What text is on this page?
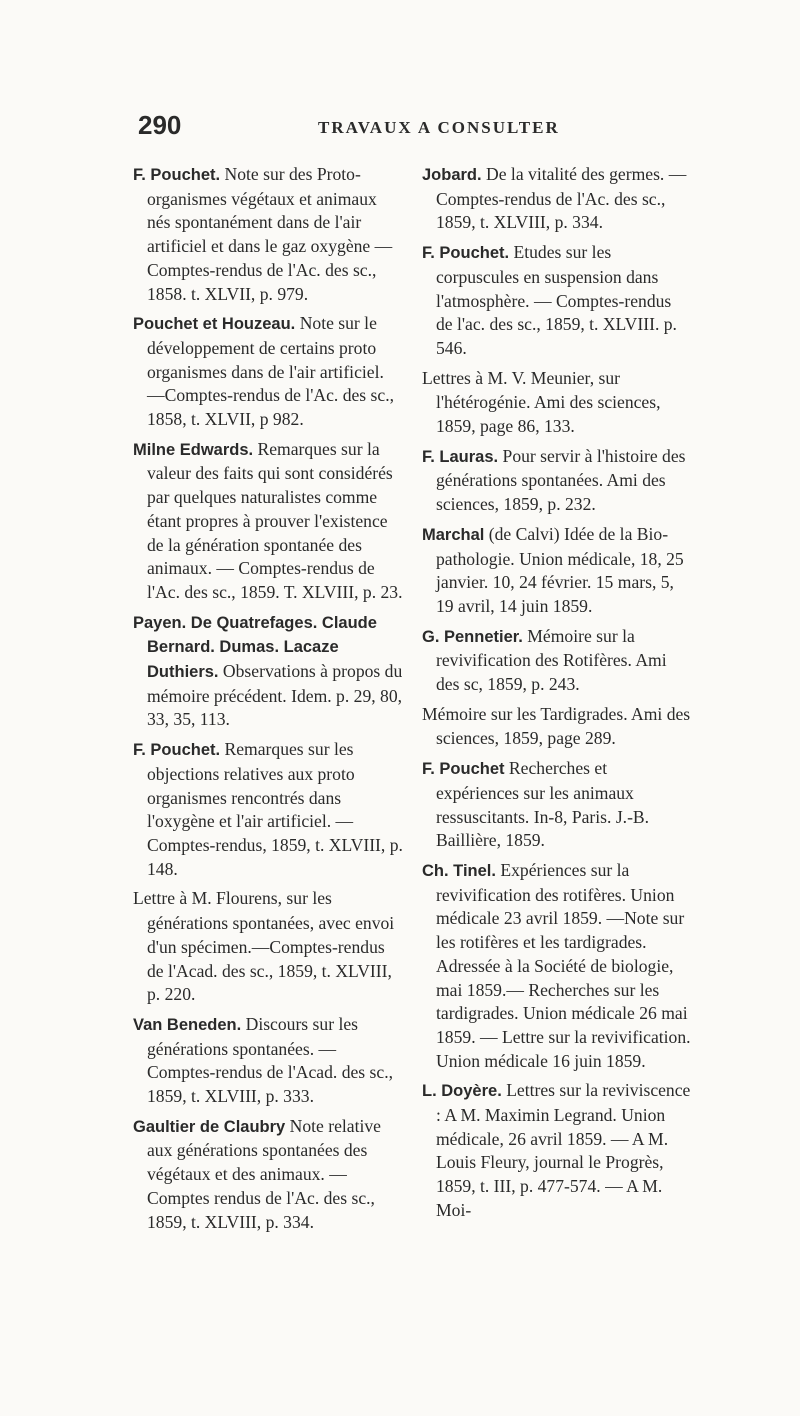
290	TRAVAUX A CONSULTER

F. Pouchet. Note sur des Proto-organismes végétaux et animaux nés spontanément dans de l'air artificiel et dans le gaz oxygène — Comptes-rendus de l'Ac. des sc., 1858. t. XLVII, p. 979.

Pouchet et Houzeau. Note sur le développement de certains proto organismes dans de l'air artificiel. —Comptes-rendus de l'Ac. des sc., 1858, t. XLVII, p 982.

Milne Edwards. Remarques sur la valeur des faits qui sont considérés par quelques naturalistes comme étant propres à prouver l'existence de la génération spontanée des animaux. — Comptes-rendus de l'Ac. des sc., 1859. T. XLVIII, p. 23.

Payen. De Quatrefages. Claude Bernard. Dumas. Lacaze Duthiers. Observations à propos du mémoire précédent. Idem. p. 29, 80, 33, 35, 113.

F. Pouchet. Remarques sur les objections relatives aux proto organismes rencontrés dans l'oxygène et l'air artificiel. — Comptes-rendus, 1859, t. XLVIII, p. 148.

Lettre à M. Flourens, sur les générations spontanées, avec envoi d'un spécimen.—Comptes-rendus de l'Acad. des sc., 1859, t. XLVIII, p. 220.

Van Beneden. Discours sur les générations spontanées. — Comptes-rendus de l'Acad. des sc., 1859, t. XLVIII, p. 333.

Gaultier de Claubry Note relative aux générations spontanées des végétaux et des animaux. — Comptes rendus de l'Ac. des sc., 1859, t. XLVIII, p. 334.

Jobard. De la vitalité des germes. — Comptes-rendus de l'Ac. des sc., 1859, t. XLVIII, p. 334.

F. Pouchet. Etudes sur les corpuscules en suspension dans l'atmosphère. — Comptes-rendus de l'ac. des sc., 1859, t. XLVIII. p. 546.

Lettres à M. V. Meunier, sur l'hétérogénie. Ami des sciences, 1859, page 86, 133.

F. Lauras. Pour servir à l'histoire des générations spontanées. Ami des sciences, 1859, p. 232.

Marchal (de Calvi) Idée de la Bio-pathologie. Union médicale, 18, 25 janvier. 10, 24 février. 15 mars, 5, 19 avril, 14 juin 1859.

G. Pennetier. Mémoire sur la revivification des Rotifères. Ami des sc, 1859, p. 243.

Mémoire sur les Tardigrades. Ami des sciences, 1859, page 289.

F. Pouchet Recherches et expériences sur les animaux ressuscitants. In-8, Paris. J.-B. Baillière, 1859.

Ch. Tinel. Expériences sur la revivification des rotifères. Union médicale 23 avril 1859. —Note sur les rotifères et les tardigrades. Adressée à la Société de biologie, mai 1859.— Recherches sur les tardigrades. Union médicale 26 mai 1859. — Lettre sur la revivification. Union médicale 16 juin 1859.

L. Doyère. Lettres sur la reviviscence : A M. Maximin Legrand. Union médicale, 26 avril 1859. — A M. Louis Fleury, journal le Progrès, 1859, t. III, p. 477-574. — A M. Moi-
